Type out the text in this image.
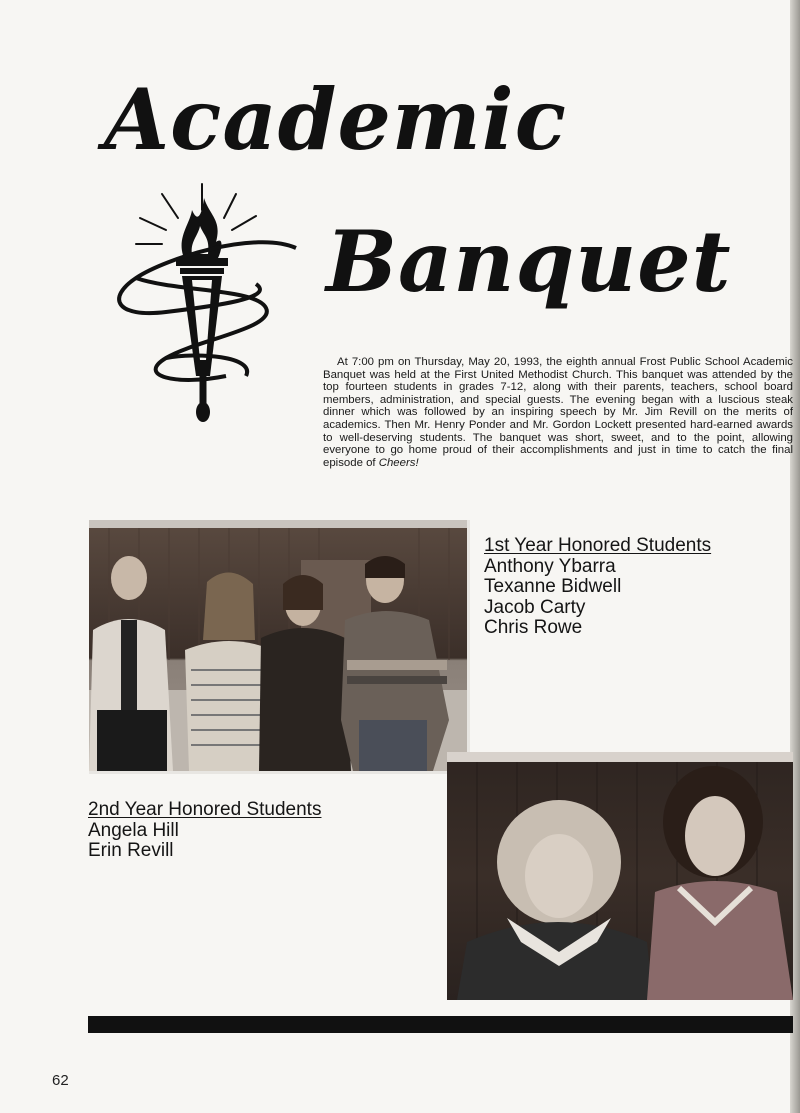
Academic
Banquet
At 7:00 pm on Thursday, May 20, 1993, the eighth annual Frost Public School Academic Banquet was held at the First United Methodist Church. This banquet was attended by the top fourteen students in grades 7-12, along with their parents, teachers, school board members, administration, and special guests. The evening began with a luscious steak dinner which was followed by an inspiring speech by Mr. Jim Revill on the merits of academics. Then Mr. Henry Ponder and Mr. Gordon Lockett presented hard-earned awards to well-deserving students. The banquet was short, sweet, and to the point, allowing everyone to go home proud of their accomplishments and just in time to catch the final episode of Cheers!
1st Year Honored Students
Anthony Ybarra
Texanne Bidwell
Jacob Carty
Chris Rowe
2nd Year Honored Students
Angela Hill
Erin Revill
62
